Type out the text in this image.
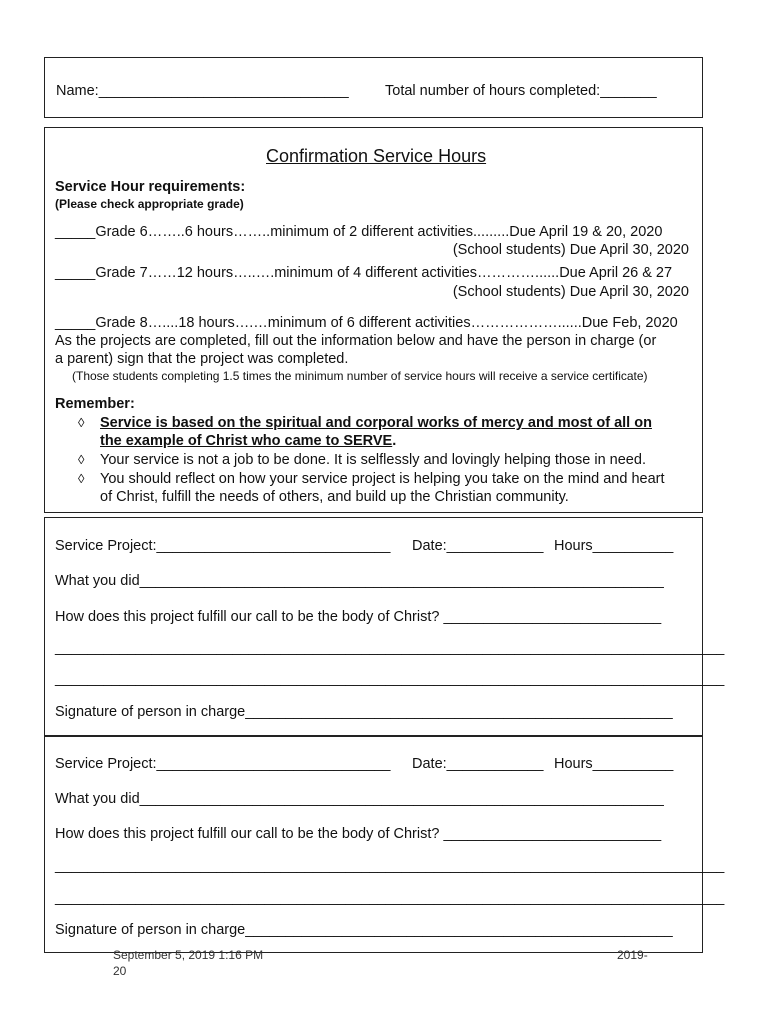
Name:_______________________________	Total number of hours completed:_______
Confirmation Service Hours
Service Hour requirements:
(Please check appropriate grade)
_____Grade 6……..6 hours……..minimum of 2 different activities.........Due April 19 & 20, 2020
(School students) Due April 30, 2020
_____Grade 7……12 hours…..….minimum of 4 different activities…………......Due April 26 & 27
(School students) Due April 30, 2020
_____Grade 8…....18 hours….…minimum of 6 different activities………………......Due Feb, 2020
As the projects are completed, fill out the information below and have the person in charge (or
a parent) sign that the project was completed.
(Those students completing 1.5 times the minimum number of service hours will receive a service certificate)
Remember:
◊ Service is based on the spiritual and corporal works of mercy and most of all on
the example of Christ who came to SERVE.
◊ Your service is not a job to be done. It is selflessly and lovingly helping those in need.
◊ You should reflect on how your service project is helping you take on the mind and heart
of Christ, fulfill the needs of others, and build up the Christian community.
Service Project:_____________________________ Date:____________ Hours__________
What you did_________________________________________________________________
How does this project fulfill our call to be the body of Christ? ___________________________
___________________________________________________________________________________
___________________________________________________________________________________
Signature of person in charge_____________________________________________________
Service Project:_____________________________ Date:____________ Hours__________
What you did_________________________________________________________________
How does this project fulfill our call to be the body of Christ? ___________________________
___________________________________________________________________________________
___________________________________________________________________________________
Signature of person in charge_____________________________________________________
September 5, 2019 1:16 PM	2019-
20
